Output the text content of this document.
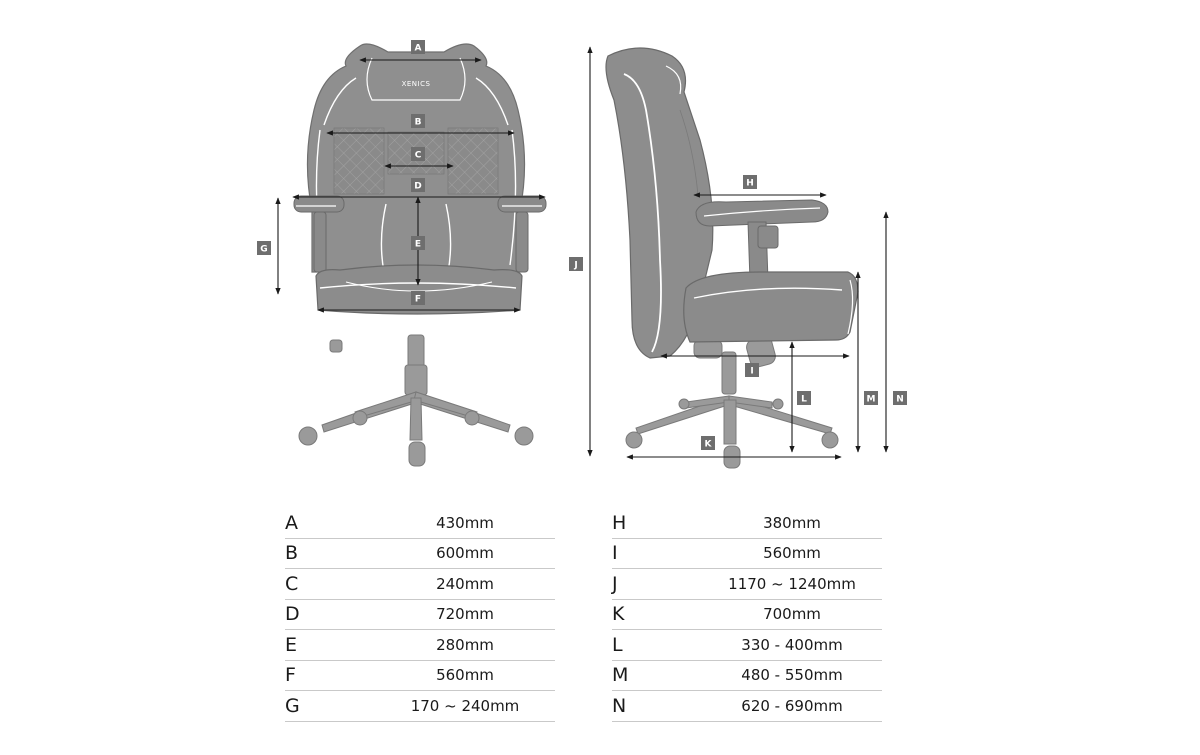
XENICS
A
B
C
D
E
F
G
H
I
J
K
L	M N
A	430mm
B	600mm
C	240mm
D	720mm
E	280mm
F	560mm
G	170 ~ 240mm
H	380mm
I	560mm
J	1170 ~ 1240mm
K	700mm
L	330 - 400mm
M	480 - 550mm
N	620 - 690mm
